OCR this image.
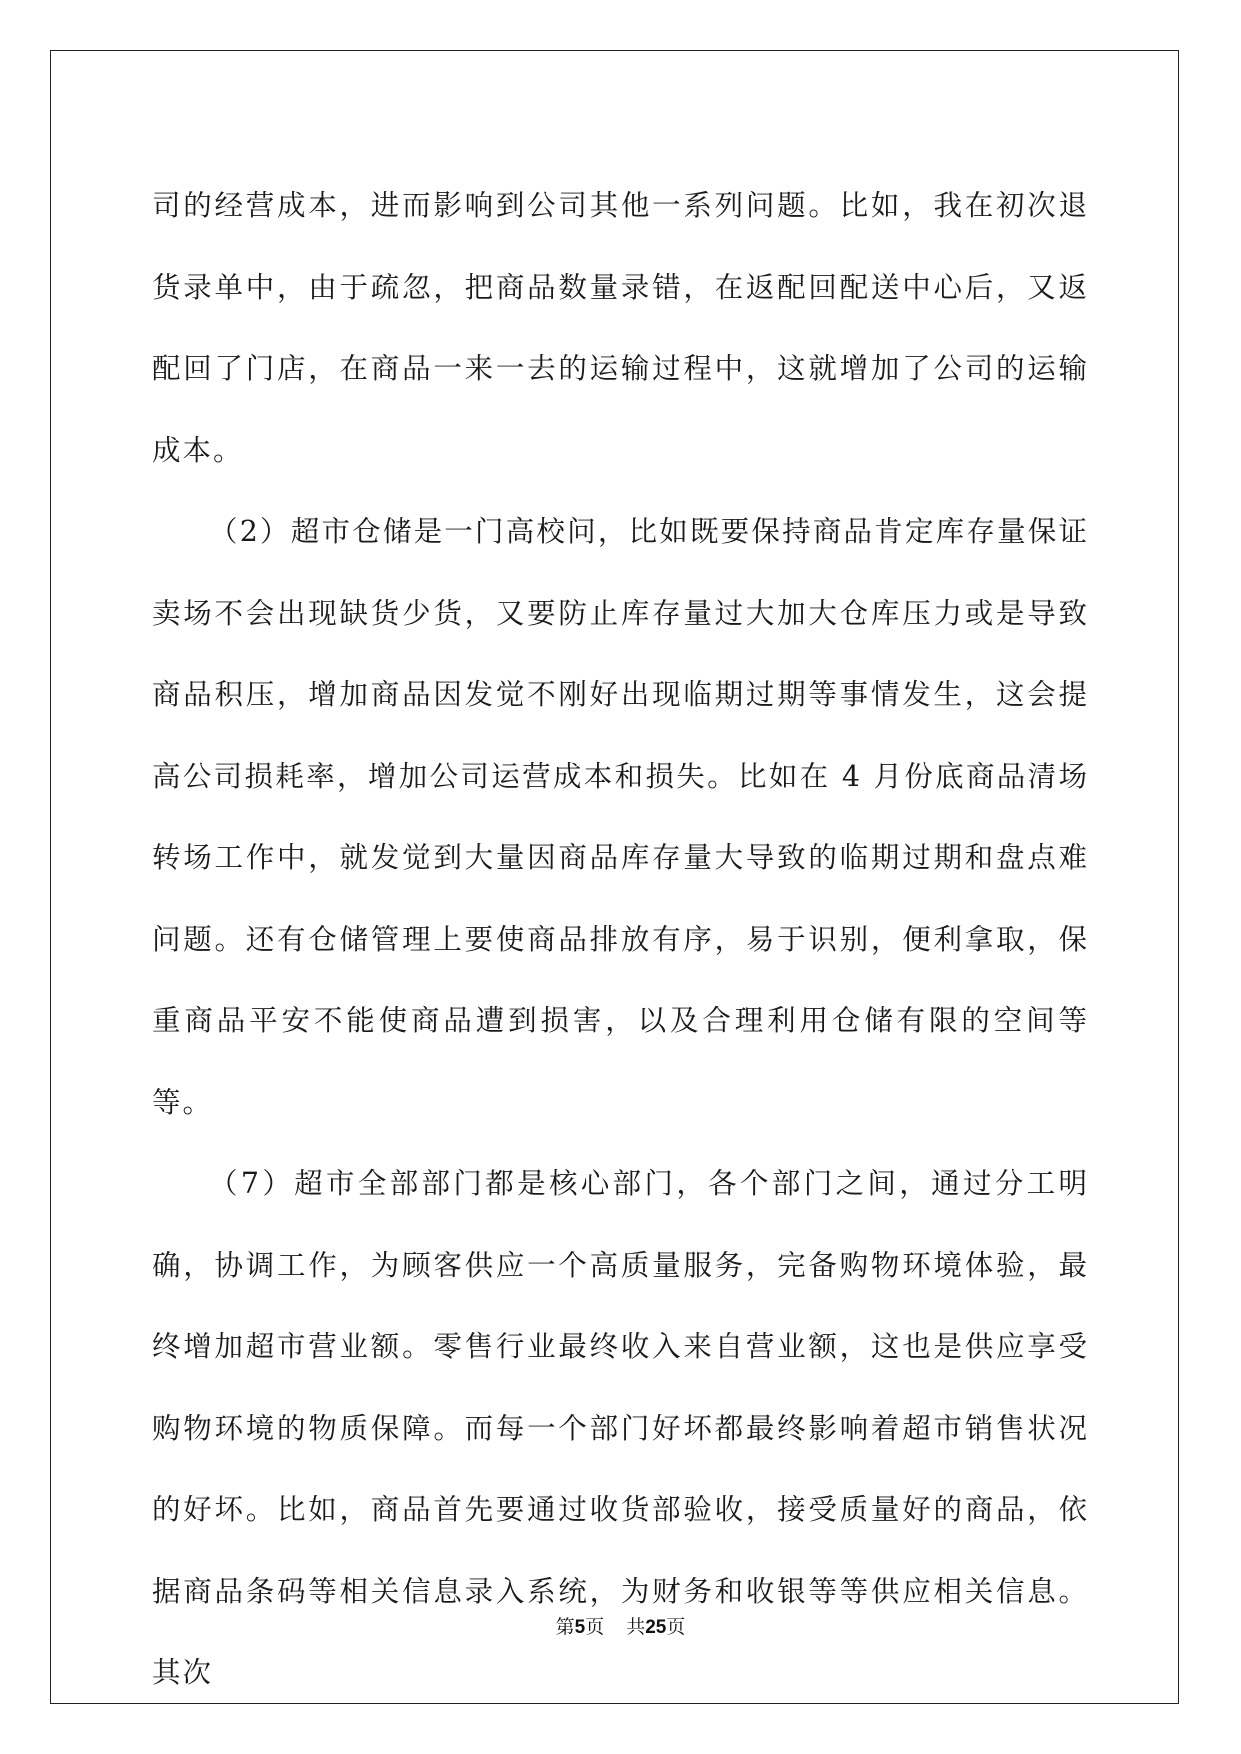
司的经营成本，进而影响到公司其他一系列问题。比如，我在初次退货录单中，由于疏忽，把商品数量录错，在返配回配送中心后，又返配回了门店，在商品一来一去的运输过程中，这就增加了公司的运输成本。

（2）超市仓储是一门高校问，比如既要保持商品肯定库存量保证卖场不会出现缺货少货，又要防止库存量过大加大仓库压力或是导致商品积压，增加商品因发觉不刚好出现临期过期等事情发生，这会提高公司损耗率，增加公司运营成本和损失。比如在 4 月份底商品清场转场工作中，就发觉到大量因商品库存量大导致的临期过期和盘点难问题。还有仓储管理上要使商品排放有序，易于识别，便利拿取，保重商品平安不能使商品遭到损害，以及合理利用仓储有限的空间等等。

（7）超市全部部门都是核心部门，各个部门之间，通过分工明确，协调工作，为顾客供应一个高质量服务，完备购物环境体验，最终增加超市营业额。零售行业最终收入来自营业额，这也是供应享受购物环境的物质保障。而每一个部门好坏都最终影响着超市销售状况的好坏。比如，商品首先要通过收货部验收，接受质量好的商品，依据商品条码等相关信息录入系统，为财务和收银等等供应相关信息。其次

第5页 共25页
